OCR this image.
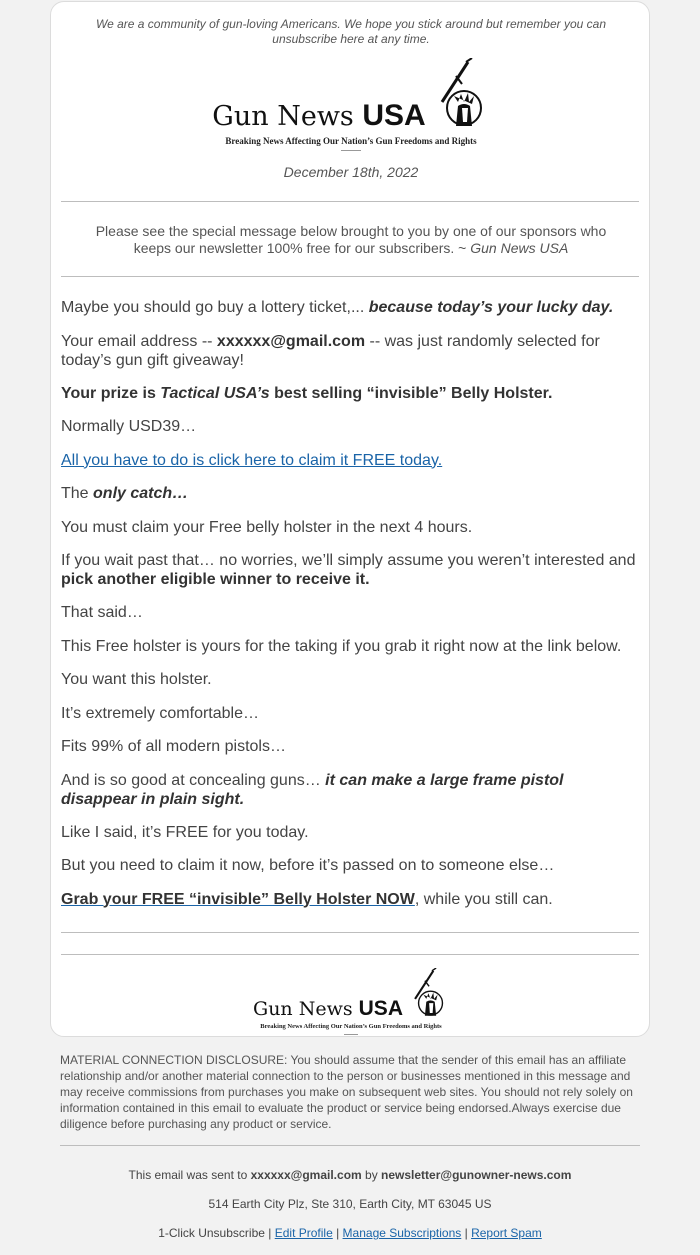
We are a community of gun-loving Americans. We hope you stick around but remember you can unsubscribe here at any time.
Gun News USA
Breaking News Affecting Our Nation’s Gun Freedoms and Rights
December 18th, 2022
Please see the special message below brought to you by one of our sponsors who keeps our newsletter 100% free for our subscribers. ~ Gun News USA

Maybe you should go buy a lottery ticket,... because today’s your lucky day.

Your email address -- xxxxxx@gmail.com -- was just randomly selected for today’s gun gift giveaway!

Your prize is Tactical USA’s best selling “invisible” Belly Holster.

Normally USD39…

All you have to do is click here to claim it FREE today.

The only catch…

You must claim your Free belly holster in the next 4 hours.

If you wait past that… no worries, we’ll simply assume you weren’t interested and pick another eligible winner to receive it.

That said…

This Free holster is yours for the taking if you grab it right now at the link below.

You want this holster.

It’s extremely comfortable…

Fits 99% of all modern pistols…

And is so good at concealing guns… it can make a large frame pistol disappear in plain sight.

Like I said, it’s FREE for you today.

But you need to claim it now, before it’s passed on to someone else…

Grab your FREE “invisible” Belly Holster NOW, while you still can.

Gun News USA
Breaking News Affecting Our Nation’s Gun Freedoms and Rights
MATERIAL CONNECTION DISCLOSURE: You should assume that the sender of this email has an affiliate relationship and/or another material connection to the person or businesses mentioned in this message and may receive commissions from purchases you make on subsequent web sites. You should not rely solely on information contained in this email to evaluate the product or service being endorsed.Always exercise due diligence before purchasing any product or service.
This email was sent to xxxxxx@gmail.com by newsletter@gunowner-news.com
514 Earth City Plz, Ste 310, Earth City, MT 63045 US
1-Click Unsubscribe | Edit Profile | Manage Subscriptions | Report Spam
